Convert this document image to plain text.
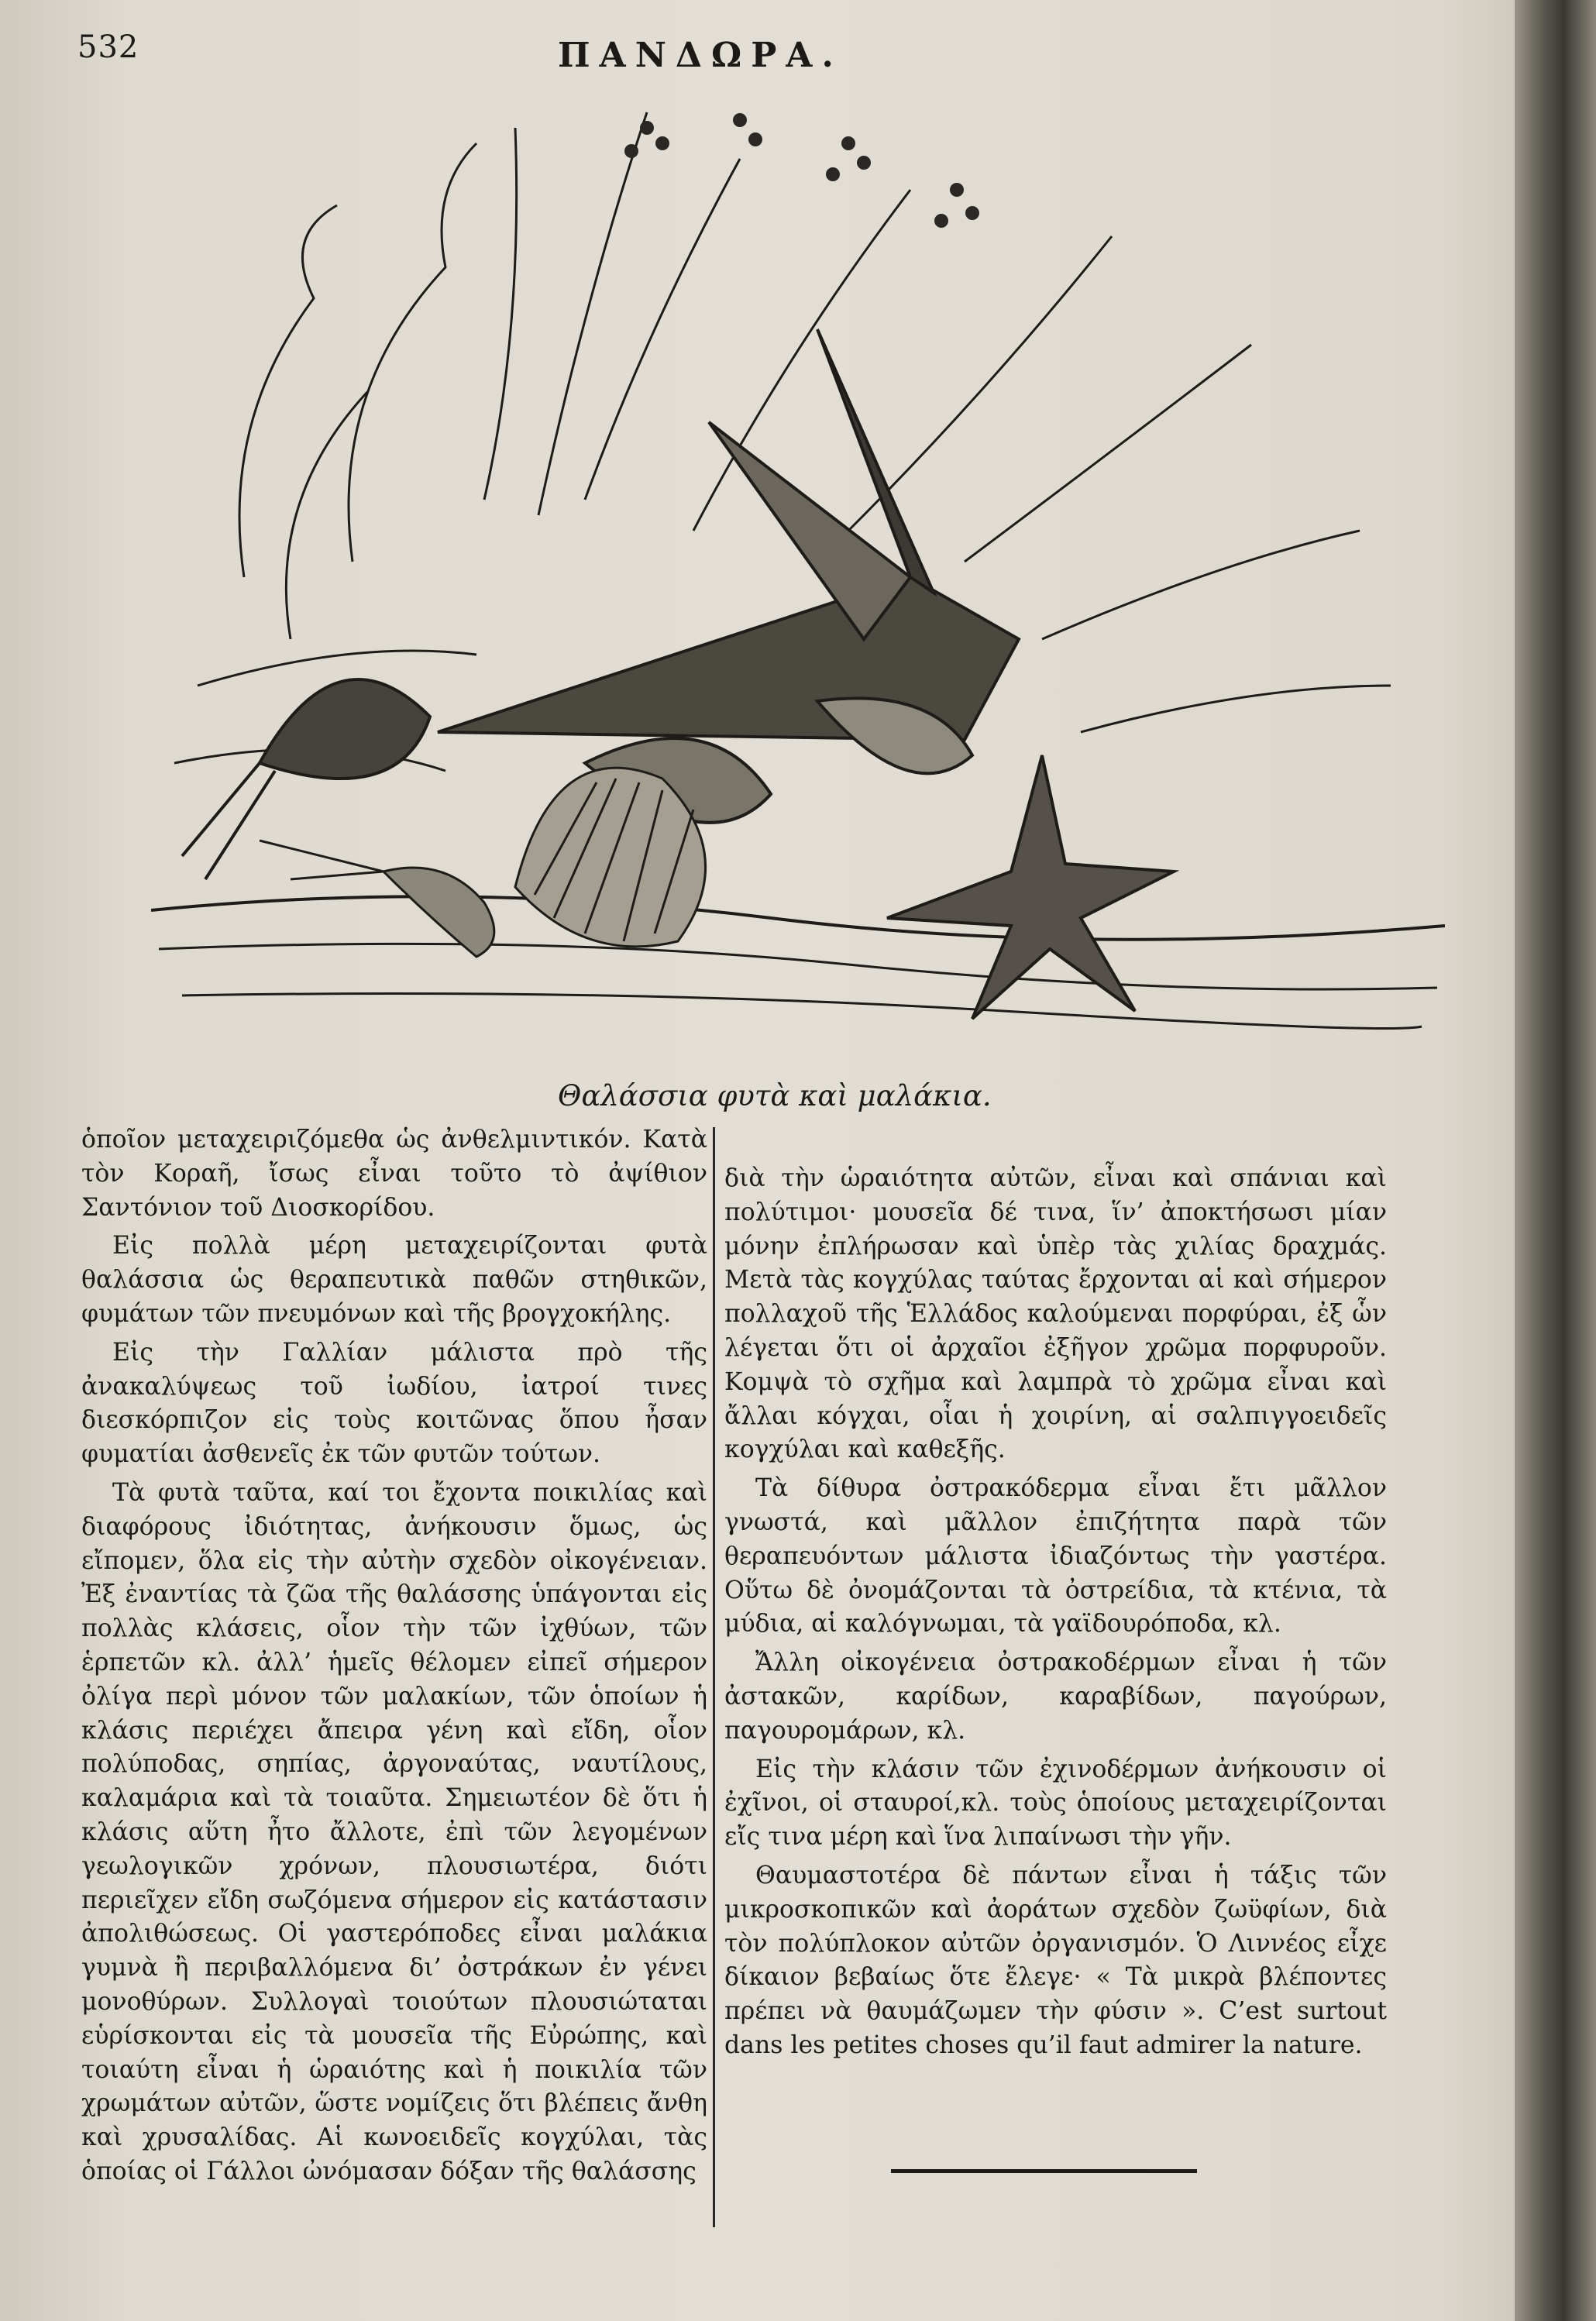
532	ΠΑΝΔΩΡΑ.
Θαλάσσια φυτὰ καὶ μαλάκια.

ὁποῖον μεταχειριζόμεθα ὡς ἀνθελμιντικόν. Κατὰ τὸν Κοραῆ, ἴσως εἶναι τοῦτο τὸ ἀψίθιον Σαντόνιον τοῦ Διοσκορίδου.

Εἰς πολλὰ μέρη μεταχειρίζονται φυτὰ θαλάσσια ὡς θεραπευτικὰ παθῶν στηθικῶν, φυμάτων τῶν πνευμόνων καὶ τῆς βρογχοκήλης.

Εἰς τὴν Γαλλίαν μάλιστα πρὸ τῆς ἀνακαλύψεως τοῦ ἰωδίου, ἰατροί τινες διεσκόρπιζον εἰς τοὺς κοιτῶνας ὅπου ἦσαν φυματίαι ἀσθενεῖς ἐκ τῶν φυτῶν τούτων.

Τὰ φυτὰ ταῦτα, καί τοι ἔχοντα ποικιλίας καὶ διαφόρους ἰδιότητας, ἀνήκουσιν ὅμως, ὡς εἴπομεν, ὅλα εἰς τὴν αὐτὴν σχεδὸν οἰκογένειαν. Ἐξ ἐναντίας τὰ ζῶα τῆς θαλάσσης ὑπάγονται εἰς πολλὰς κλάσεις, οἷον τὴν τῶν ἰχθύων, τῶν ἑρπετῶν κλ. ἀλλ’ ἡμεῖς θέλομεν εἰπεῖ σήμερον ὀλίγα περὶ μόνον τῶν μαλακίων, τῶν ὁποίων ἡ κλάσις περιέχει ἄπειρα γένη καὶ εἴδη, οἷον πολύποδας, σηπίας, ἀργοναύτας, ναυτίλους, καλαμάρια καὶ τὰ τοιαῦτα. Σημειωτέον δὲ ὅτι ἡ κλάσις αὕτη ἦτο ἄλλοτε, ἐπὶ τῶν λεγομένων γεωλογικῶν χρόνων, πλουσιωτέρα, διότι περιεῖχεν εἴδη σωζόμενα σήμερον εἰς κατάστασιν ἀπολιθώσεως. Οἱ γαστερόποδες εἶναι μαλάκια γυμνὰ ἢ περιβαλλόμενα δι’ ὀστράκων ἐν γένει μονοθύρων. Συλλογαὶ τοιούτων πλουσιώταται εὑρίσκονται εἰς τὰ μουσεῖα τῆς Εὐρώπης, καὶ τοιαύτη εἶναι ἡ ὡραιότης καὶ ἡ ποικιλία τῶν χρωμάτων αὐτῶν, ὥστε νομίζεις ὅτι βλέπεις ἄνθη καὶ χρυσαλίδας. Αἱ κωνοειδεῖς κογχύλαι, τὰς ὁποίας οἱ Γάλλοι ὠνόμασαν δόξαν τῆς θαλάσσης

διὰ τὴν ὡραιότητα αὐτῶν, εἶναι καὶ σπάνιαι καὶ πολύτιμοι· μουσεῖα δέ τινα, ἵν’ ἀποκτήσωσι μίαν μόνην ἐπλήρωσαν καὶ ὑπὲρ τὰς χιλίας δραχμάς. Μετὰ τὰς κογχύλας ταύτας ἔρχονται αἱ καὶ σήμερον πολλαχοῦ τῆς Ἑλλάδος καλούμεναι πορφύραι, ἐξ ὧν λέγεται ὅτι οἱ ἀρχαῖοι ἐξῆγον χρῶμα πορφυροῦν. Κομψὰ τὸ σχῆμα καὶ λαμπρὰ τὸ χρῶμα εἶναι καὶ ἄλλαι κόγχαι, οἷαι ἡ χοιρίνη, αἱ σαλπιγγοειδεῖς κογχύλαι καὶ καθεξῆς.

Τὰ δίθυρα ὀστρακόδερμα εἶναι ἔτι μᾶλλον γνωστά, καὶ μᾶλλον ἐπιζήτητα παρὰ τῶν θεραπευόντων μάλιστα ἰδιαζόντως τὴν γαστέρα. Οὕτω δὲ ὀνομάζονται τὰ ὀστρείδια, τὰ κτένια, τὰ μύδια, αἱ καλόγνωμαι, τὰ γαϊδουρόποδα, κλ.

Ἄλλη οἰκογένεια ὀστρακοδέρμων εἶναι ἡ τῶν ἀστακῶν, καρίδων, καραβίδων, παγούρων, παγουρομάρων, κλ.

Εἰς τὴν κλάσιν τῶν ἐχινοδέρμων ἀνήκουσιν οἱ ἐχῖνοι, οἱ σταυροί,κλ. τοὺς ὁποίους μεταχειρίζονται εἴς τινα μέρη καὶ ἵνα λιπαίνωσι τὴν γῆν.

Θαυμαστοτέρα δὲ πάντων εἶναι ἡ τάξις τῶν μικροσκοπικῶν καὶ ἀοράτων σχεδὸν ζωϋφίων, διὰ τὸν πολύπλοκον αὐτῶν ὀργανισμόν. Ὁ Λιννέος εἶχε δίκαιον βεβαίως ὅτε ἔλεγε· « Τὰ μικρὰ βλέποντες πρέπει νὰ θαυμάζωμεν τὴν φύσιν ». C’est surtout dans les petites choses qu’il faut admirer la nature.
